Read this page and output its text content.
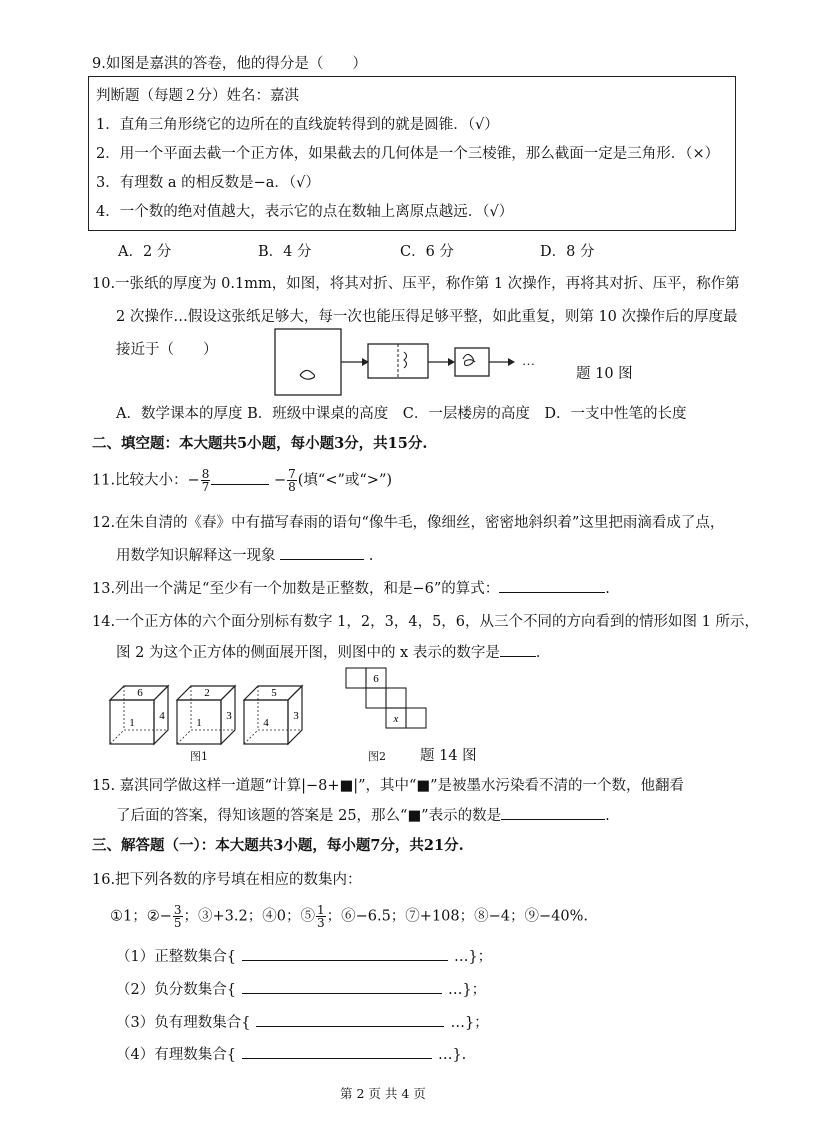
9.如图是嘉淇的答卷，他的得分是（　　）
判断题（每题２分）姓名：嘉淇
1．直角三角形绕它的边所在的直线旋转得到的就是圆锥．（√）
2．用一个平面去截一个正方体，如果截去的几何体是一个三棱锥，那么截面一定是三角形．（×）
3．有理数 a 的相反数是−a．（√）
4．一个数的绝对值越大，表示它的点在数轴上离原点越远．（√）
A．2 分	B．4 分	C．6 分	D．8 分
10.一张纸的厚度为 0.1mm，如图，将其对折、压平，称作第 1 次操作，再将其对折、压平，称作第
2 次操作…假设这张纸足够大，每一次也能压得足够平整，如此重复，则第 10 次操作后的厚度最
接近于（　　）
…
题 10 图
A．数学课本的厚度 B．班级中课桌的高度　C．一层楼房的高度　D．一支中性笔的长度
二、填空题：本大题共5小题，每小题3分，共15分.
11.比较大小：− $\frac{8}{7}$	− $\frac{7}{8}$ (填“<”或“>”)
12.在朱自清的《春》中有描写春雨的语句“像牛毛，像细丝，密密地斜织着”这里把雨滴看成了点，
用数学知识解释这一现象	.
13.列出一个满足“至少有一个加数是正整数，和是−6”的算式：	.
14.一个正方体的六个面分别标有数字 1，2，3，4，5，6，从三个不同的方向看到的情形如图 1 所示，
图 2 为这个正方体的侧面展开图，则图中的 x 表示的数字是 ．
6
1
4
2
1
3
5
4
3
图1
6
x
图2 题 14 图
15. 嘉淇同学做这样一道题“计算|−8+■|”，其中“■”是被墨水污染看不清的一个数，他翻看
了后面的答案，得知该题的答案是 25，那么“■”表示的数是	.
三、解答题（一）：本大题共3小题，每小题7分，共21分.
16.把下列各数的序号填在相应的数集内：
①1；②− $\frac{3}{5}$ ；③+3.2；④0；⑤ $\frac{1}{3}$ ；⑥−6.5；⑦+108；⑧−4；⑨−40%.
（1）正整数集合{	…}；
（2）负分数集合{	…}；
（3）负有理数集合{	…}；
（4）有理数集合{	…}.
第 2 页 共 4 页
